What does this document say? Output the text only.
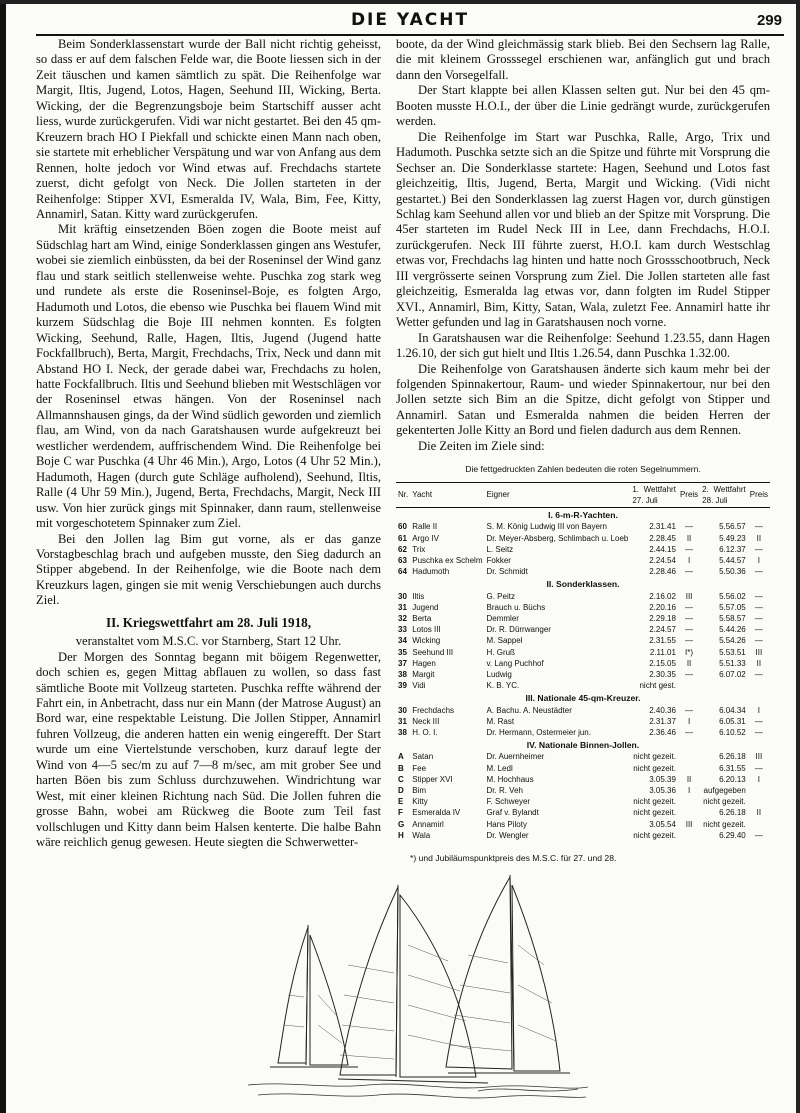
DIE YACHT	299

Beim Sonderklassenstart wurde der Ball nicht richtig geheisst, so dass er auf dem falschen Felde war, die Boote liessen sich in der Zeit täuschen und kamen sämtlich zu spät. Die Reihenfolge war Margit, Iltis, Jugend, Lotos, Hagen, Seehund III, Wicking, Berta. Wicking, der die Begrenzungsboje beim Startschiff ausser acht liess, wurde zurückgerufen. Vidi war nicht gestartet. Bei den 45 qm-Kreuzern brach HO I Piekfall und schickte einen Mann nach oben, sie startete mit erheblicher Verspätung und war von Anfang aus dem Rennen, holte jedoch vor Wind etwas auf. Frechdachs startete zuerst, dicht gefolgt von Neck. Die Jollen starteten in der Reihenfolge: Stipper XVI, Esmeralda IV, Wala, Bim, Fee, Kitty, Annamirl, Satan. Kitty ward zurückgerufen.

Mit kräftig einsetzenden Böen zogen die Boote meist auf Südschlag hart am Wind, einige Sonderklassen gingen ans Westufer, wobei sie ziemlich einbüssten, da bei der Roseninsel der Wind ganz flau und stark seitlich stellenweise wehte. Puschka zog stark weg und rundete als erste die Roseninsel-Boje, es folgten Argo, Hadumoth und Lotos, die ebenso wie Puschka bei flauem Wind mit kurzem Südschlag die Boje III nehmen konnten. Es folgten Wicking, Seehund, Ralle, Hagen, Iltis, Jugend (Jugend hatte Fockfallbruch), Berta, Margit, Frechdachs, Trix, Neck und dann mit Abstand HO I. Neck, der gerade dabei war, Frechdachs zu holen, hatte Fockfallbruch. Iltis und Seehund blieben mit Westschlägen vor der Roseninsel etwas hängen. Von der Roseninsel nach Allmannshausen gings, da der Wind südlich geworden und ziemlich flau, am Wind, von da nach Garatshausen wurde aufgekreuzt bei westlicher werdendem, auffrischendem Wind. Die Reihenfolge bei Boje C war Puschka (4 Uhr 46 Min.), Argo, Lotos (4 Uhr 52 Min.), Hadumoth, Hagen (durch gute Schläge aufholend), Seehund, Iltis, Ralle (4 Uhr 59 Min.), Jugend, Berta, Frechdachs, Margit, Neck III usw. Von hier zurück gings mit Spinnaker, dann raum, stellenweise mit vorgeschotetem Spinnaker zum Ziel.

Bei den Jollen lag Bim gut vorne, als er das ganze Vorstagbeschlag brach und aufgeben musste, den Sieg dadurch an Stipper abgebend. In der Reihenfolge, wie die Boote nach dem Kreuzkurs lagen, gingen sie mit wenig Verschiebungen auch durchs Ziel.

II. Kriegswettfahrt am 28. Juli 1918,

veranstaltet vom M.S.C. vor Starnberg, Start 12 Uhr.

Der Morgen des Sonntag begann mit böigem Regenwetter, doch schien es, gegen Mittag abflauen zu wollen, so dass fast sämtliche Boote mit Vollzeug starteten. Puschka reffte während der Fahrt ein, in Anbetracht, dass nur ein Mann (der Matrose August) an Bord war, eine respektable Leistung. Die Jollen Stipper, Annamirl fuhren Vollzeug, die anderen hatten ein wenig eingerefft. Der Start wurde um eine Viertelstunde verschoben, kurz darauf legte der Wind von 4—5 sec/m zu auf 7—8 m/sec, am mit grober See und harten Böen bis zum Schluss durchzuwehen. Windrichtung war West, mit einer kleinen Richtung nach Süd. Die Jollen fuhren die grosse Bahn, wobei am Rückweg die Boote zum Teil fast vollschlugen und Kitty dann beim Halsen kenterte. Die halbe Bahn wäre reichlich genug gewesen. Heute siegten die Schwerwetter-

boote, da der Wind gleichmässig stark blieb. Bei den Sechsern lag Ralle, die mit kleinem Grosssegel erschienen war, anfänglich gut und brach dann den Vorsegelfall.

Der Start klappte bei allen Klassen selten gut. Nur bei den 45 qm-Booten musste H.O.I., der über die Linie gedrängt wurde, zurückgerufen werden.

Die Reihenfolge im Start war Puschka, Ralle, Argo, Trix und Hadumoth. Puschka setzte sich an die Spitze und führte mit Vorsprung die Sechser an. Die Sonderklasse startete: Hagen, Seehund und Lotos fast gleichzeitig, Iltis, Jugend, Berta, Margit und Wicking. (Vidi nicht gestartet.) Bei den Sonderklassen lag zuerst Hagen vor, durch günstigen Schlag kam Seehund allen vor und blieb an der Spitze mit Vorsprung. Die 45er starteten im Rudel Neck III in Lee, dann Frechdachs, H.O.I. zurückgerufen. Neck III führte zuerst, H.O.I. kam durch Westschlag etwas vor, Frechdachs lag hinten und hatte noch Grossschootbruch, Neck III vergrösserte seinen Vorsprung zum Ziel. Die Jollen starteten alle fast gleichzeitig, Esmeralda lag etwas vor, dann folgten im Rudel Stipper XVI., Annamirl, Bim, Kitty, Satan, Wala, zuletzt Fee. Annamirl hatte ihr Wetter gefunden und lag in Garatshausen noch vorne.

In Garatshausen war die Reihenfolge: Seehund 1.23.55, dann Hagen 1.26.10, der sich gut hielt und Iltis 1.26.54, dann Puschka 1.32.00.

Die Reihenfolge von Garatshausen änderte sich kaum mehr bei der folgenden Spinnakertour, Raum- und wieder Spinnakertour, nur bei den Jollen setzte sich Bim an die Spitze, dicht gefolgt von Stipper und Annamirl. Satan und Esmeralda nahmen die beiden Herren der gekenterten Jolle Kitty an Bord und fielen dadurch aus dem Rennen.

Die Zeiten im Ziele sind:

Die fettgedruckten Zahlen bedeuten die roten Segelnummern.
Nr.	Yacht	Eigner	1. Wettfahrt 27. Juli	Preis	2. Wettfahrt 28. Juli	Preis
I. 6-m-R-Yachten.						
60	Ralle II	S. M. König Ludwig III von Bayern	2.31.41	—	5.56.57	—
61	Argo IV	Dr. Meyer-Absberg, Schlimbach u. Loeb	2.28.45	II	5.49.23	II
62	Trix	L. Seitz	2.44.15	—	6.12.37	—
63	Puschka ex Schelm	Fokker	2.24.54	I	5.44.57	I
64	Hadumoth	Dr. Schmidt	2.28.46	—	5.50.36	—
II. Sonderklassen.						
30	Iltis	G. Peitz	2.16.02	III	5.56.02	—
31	Jugend	Brauch u. Büchs	2.20.16	—	5.57.05	—
32	Berta	Demmler	2.29.18	—	5.58.57	—
33	Lotos III	Dr. R. Dürrwanger	2.24.57	—	5.44.26	—
34	Wicking	M. Sappel	2.31.55	—	5.54.26	—
35	Seehund III	H. Gruß	2.11.01	I*)	5.53.51	III
37	Hagen	v. Lang Puchhof	2.15.05	II	5.51.33	II
38	Margit	Ludwig	2.30.35	—	6.07.02	—
39	Vidi	K. B. YC.	nicht gest.			
III. Nationale 45-qm-Kreuzer.						
30	Frechdachs	A. Bachu. A. Neustädter	2.40.36	—	6.04.34	I
31	Neck III	M. Rast	2.31.37	I	6.05.31	—
38	H. O. I.	Dr. Hermann, Ostermeier jun.	2.36.46	—	6.10.52	—
IV. Nationale Binnen-Jollen.						
A	Satan	Dr. Auernheimer	nicht gezeit.		6.26.18	III
B	Fee	M. Ledl	nicht gezeit.		6.31.55	—
C	Stipper XVI	M. Hochhaus	3.05.39	II	6.20.13	I
D	Bim	Dr. R. Veh	3.05.36	I	aufgegeben	
E	Kitty	F. Schweyer	nicht gezeit.		nicht gezeit.	
F	Esmeralda IV	Graf v. Bylandt	nicht gezeit.		6.26.18	II
G	Annamirl	Hans Piloty	3.05.54	III	nicht gezeit.	
H	Wala	Dr. Wengler	nicht gezeit.		6.29.40	—
*) und Jubiläumspunktpreis des M.S.C. für 27. und 28.
